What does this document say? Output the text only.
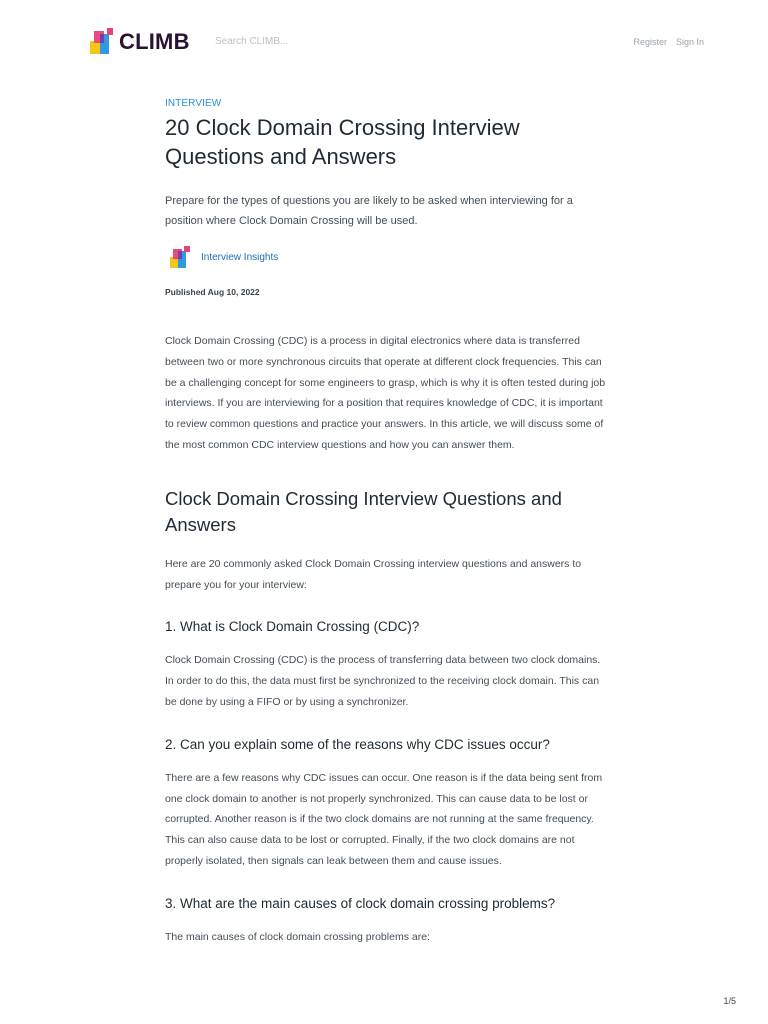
CLIMB
Search CLIMB...	Register Sign In
INTERVIEW
20 Clock Domain Crossing Interview Questions and Answers

Prepare for the types of questions you are likely to be asked when interviewing for a position where Clock Domain Crossing will be used.

Interview Insights
Published Aug 10, 2022

Clock Domain Crossing (CDC) is a process in digital electronics where data is transferred between two or more synchronous circuits that operate at different clock frequencies. This can be a challenging concept for some engineers to grasp, which is why it is often tested during job interviews. If you are interviewing for a position that requires knowledge of CDC, it is important to review common questions and practice your answers. In this article, we will discuss some of the most common CDC interview questions and how you can answer them.

Clock Domain Crossing Interview Questions and Answers

Here are 20 commonly asked Clock Domain Crossing interview questions and answers to prepare you for your interview:

1. What is Clock Domain Crossing (CDC)?

Clock Domain Crossing (CDC) is the process of transferring data between two clock domains. In order to do this, the data must first be synchronized to the receiving clock domain. This can be done by using a FIFO or by using a synchronizer.

2. Can you explain some of the reasons why CDC issues occur?

There are a few reasons why CDC issues can occur. One reason is if the data being sent from one clock domain to another is not properly synchronized. This can cause data to be lost or corrupted. Another reason is if the two clock domains are not running at the same frequency. This can also cause data to be lost or corrupted. Finally, if the two clock domains are not properly isolated, then signals can leak between them and cause issues.

3. What are the main causes of clock domain crossing problems?

The main causes of clock domain crossing problems are:

1/5
